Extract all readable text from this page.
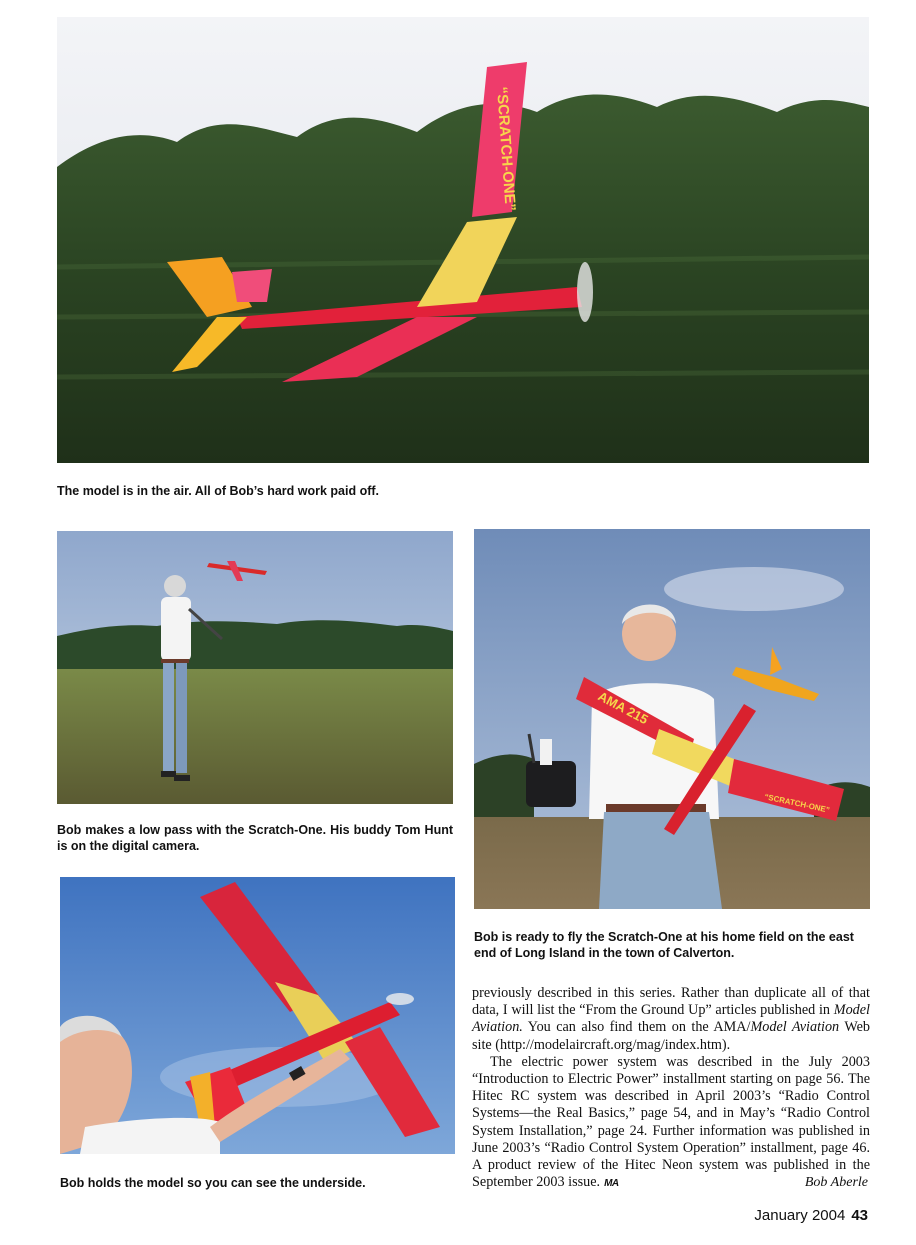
“SCRATCH-ONE”
The model is in the air. All of Bob’s hard work paid off.
Bob makes a low pass with the Scratch-One. His buddy Tom Hunt is on the digital camera.
AMA 215
“SCRATCH-ONE”
Bob is ready to fly the Scratch-One at his home field on the east end of Long Island in the town of Calverton.
Bob holds the model so you can see the underside.

previously described in this series. Rather than duplicate all of that data, I will list the “From the Ground Up” articles published in Model Aviation. You can also find them on the AMA/Model Aviation Web site (http://modelaircraft.org/mag/index.htm).

The electric power system was described in the July 2003 “Introduction to Electric Power” installment starting on page 56. The Hitec RC system was described in April 2003’s “Radio Control Systems—the Real Basics,” page 54, and in May’s “Radio Control System Installation,” page 24. Further information was published in June 2003’s “Radio Control System Operation” installment, page 46. A product review of the Hitec Neon system was published in the September 2003 issue. MA	Bob Aberle
January 2004 43
